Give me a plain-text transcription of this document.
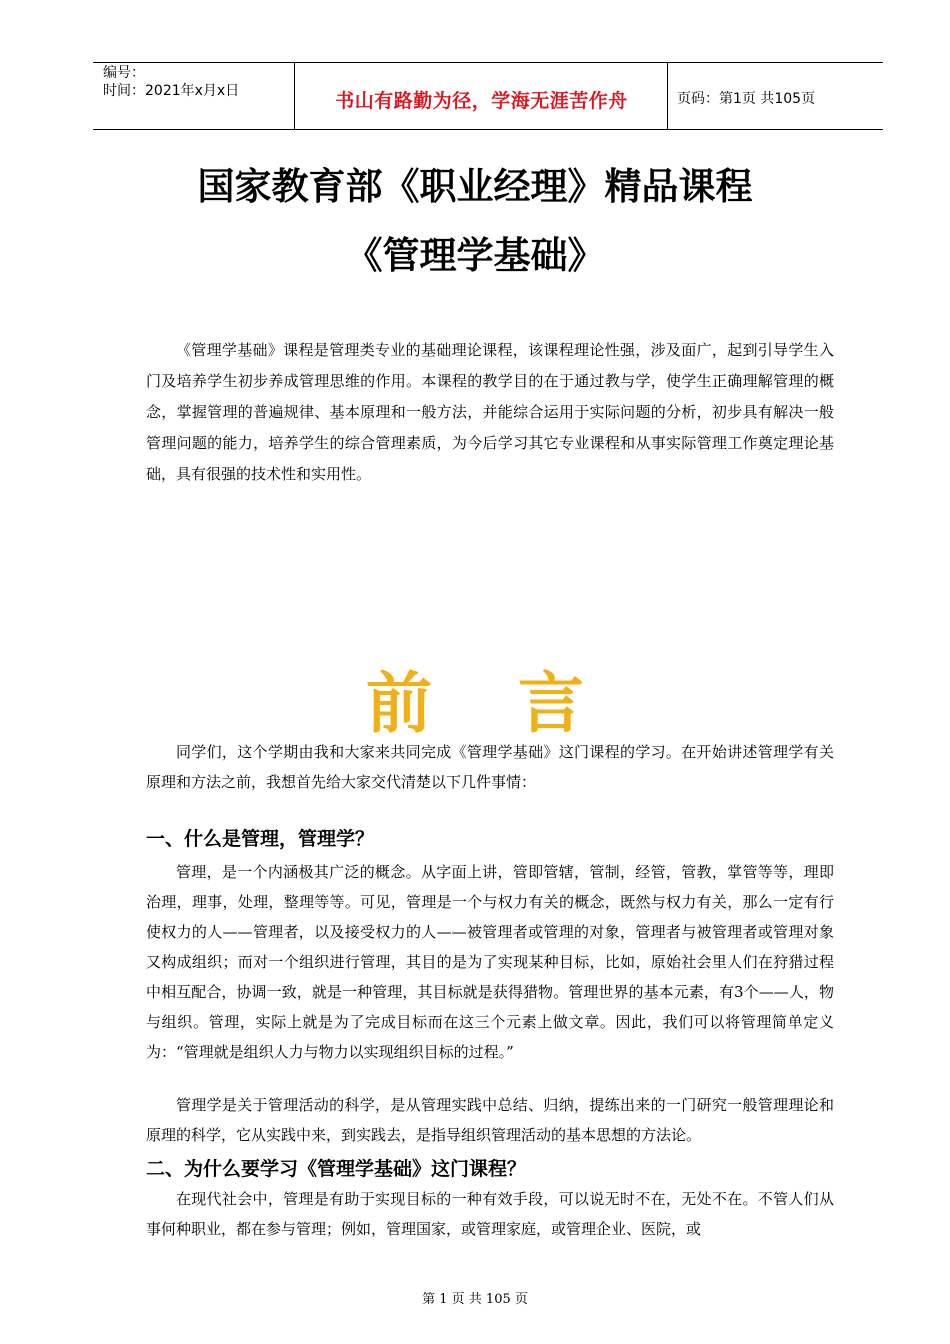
编号：
时间：2021年x月x日	书山有路勤为径，学海无涯苦作舟	页码：第1页 共105页
国家教育部《职业经理》精品课程
《管理学基础》

《管理学基础》课程是管理类专业的基础理论课程，该课程理论性强，涉及面广，起到引导学生入门及培养学生初步养成管理思维的作用。本课程的教学目的在于通过教与学，使学生正确理解管理的概念，掌握管理的普遍规律、基本原理和一般方法，并能综合运用于实际问题的分析，初步具有解决一般管理问题的能力，培养学生的综合管理素质，为今后学习其它专业课程和从事实际管理工作奠定理论基础，具有很强的技术性和实用性。

前言

同学们，这个学期由我和大家来共同完成《管理学基础》这门课程的学习。在开始讲述管理学有关原理和方法之前，我想首先给大家交代清楚以下几件事情：

一、什么是管理，管理学？

管理，是一个内涵极其广泛的概念。从字面上讲，管即管辖，管制，经管，管教，掌管等等，理即治理，理事，处理，整理等等。可见，管理是一个与权力有关的概念，既然与权力有关，那么一定有行使权力的人——管理者，以及接受权力的人——被管理者或管理的对象，管理者与被管理者或管理对象又构成组织；而对一个组织进行管理，其目的是为了实现某种目标，比如，原始社会里人们在狩猎过程中相互配合，协调一致，就是一种管理，其目标就是获得猎物。管理世界的基本元素，有3个——人，物与组织。管理，实际上就是为了完成目标而在这三个元素上做文章。因此，我们可以将管理简单定义为：“管理就是组织人力与物力以实现组织目标的过程。”

管理学是关于管理活动的科学，是从管理实践中总结、归纳，提练出来的一门研究一般管理理论和原理的科学，它从实践中来，到实践去，是指导组织管理活动的基本思想的方法论。

二、为什么要学习《管理学基础》这门课程？

在现代社会中，管理是有助于实现目标的一种有效手段，可以说无时不在，无处不在。不管人们从事何种职业，都在参与管理；例如，管理国家，或管理家庭，或管理企业、医院，或

第 1 页 共 105 页
